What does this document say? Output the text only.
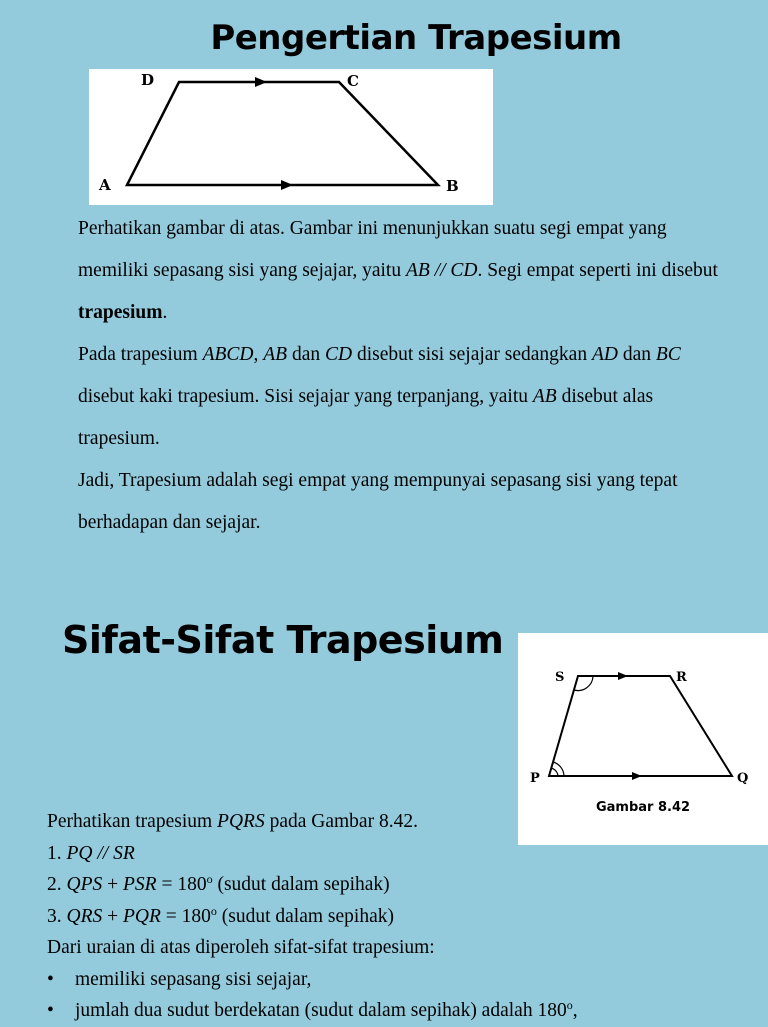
Pengertian Trapesium
D	C
A	B

Perhatikan gambar di atas. Gambar ini menunjukkan suatu segi empat yang memiliki sepasang sisi yang sejajar, yaitu AB // CD. Segi empat seperti ini disebut trapesium.

Pada trapesium ABCD, AB dan CD disebut sisi sejajar sedangkan AD dan BC disebut kaki trapesium. Sisi sejajar yang terpanjang, yaitu AB disebut alas trapesium.

Jadi, Trapesium adalah segi empat yang mempunyai sepasang sisi yang tepat berhadapan dan sejajar.

Sifat-Sifat Trapesium
S	R
P	Q
Gambar 8.42

Perhatikan trapesium PQRS pada Gambar 8.42.

1. PQ // SR

2. QPS + PSR = $180^o$ (sudut dalam sepihak)

3. QRS + PQR = $180^o$ (sudut dalam sepihak)

Dari uraian di atas diperoleh sifat-sifat trapesium:

• memiliki sepasang sisi sejajar,

• jumlah dua sudut berdekatan (sudut dalam sepihak) adalah 180$^o$,
